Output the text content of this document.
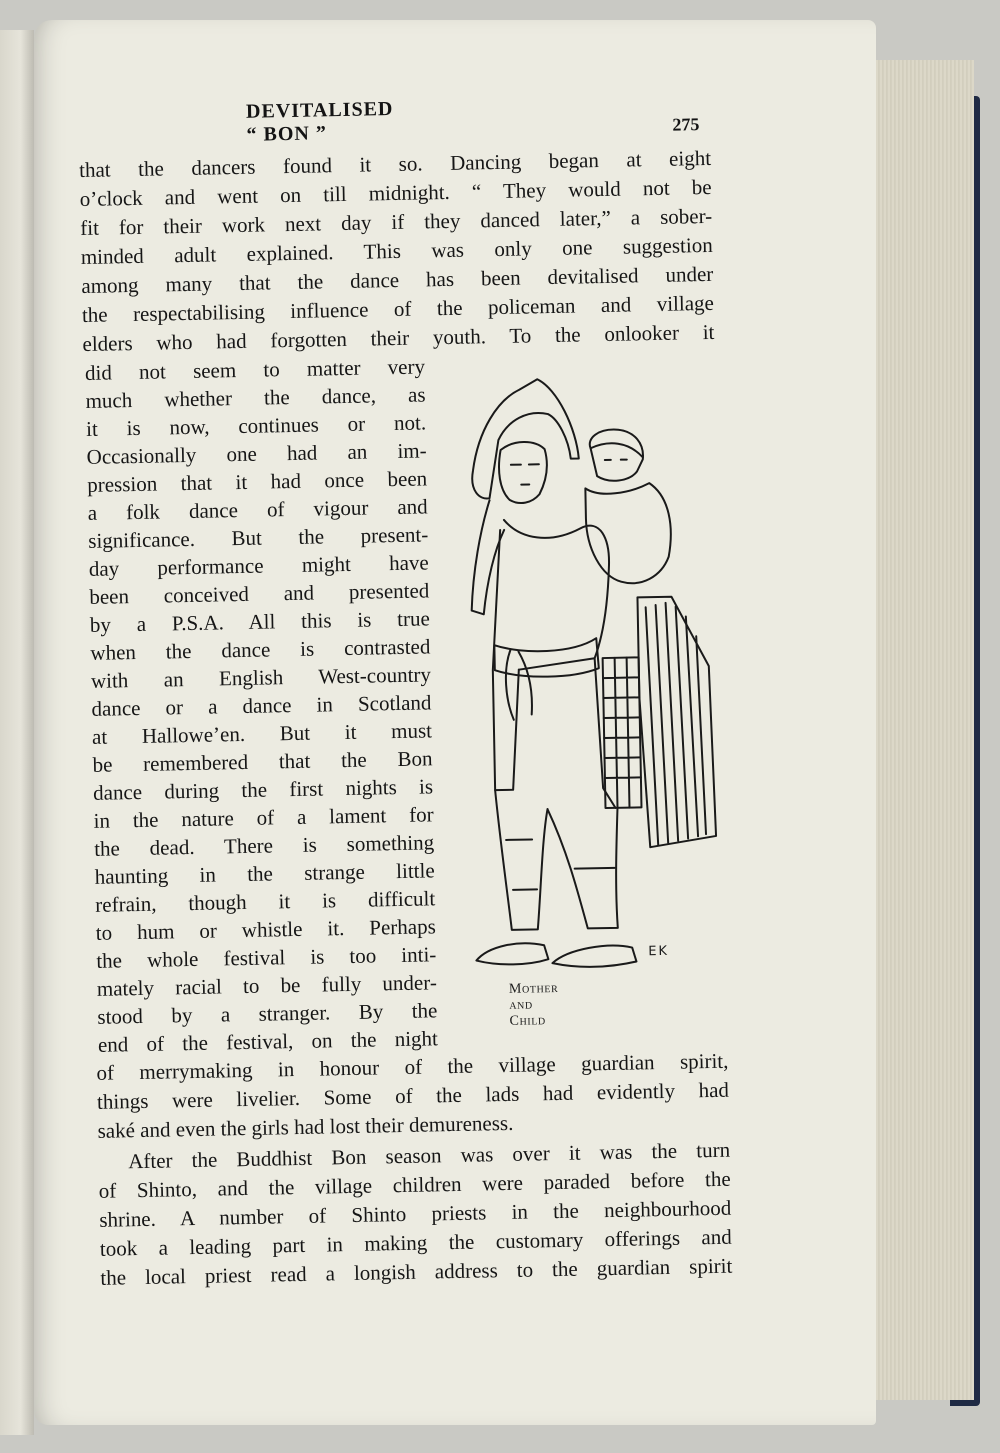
DEVITALISED “ BON ”	275
that the dancers found it so. Dancing began at eight
o’clock and went on till midnight. “ They would not be
fit for their work next day if they danced later,” a sober-
minded adult explained. This was only one suggestion
among many that the dance has been devitalised under
the respectabilising influence of the policeman and village
elders who had forgotten their youth. To the onlooker it
did not seem to matter very
much whether the dance, as
it is now, continues or not.
Occasionally one had an im-
pression that it had once been
a folk dance of vigour and
significance. But the present-
day performance might have
been conceived and presented
by a P.S.A. All this is true
when the dance is contrasted
with an English West-country
dance or a dance in Scotland
at Hallowe’en. But it must
be remembered that the Bon
dance during the first nights is
in the nature of a lament for
the dead. There is something
haunting in the strange little
refrain, though it is difficult
to hum or whistle it. Perhaps
the whole festival is too inti-
mately racial to be fully under-
stood by a stranger. By the
end of the festival, on the night
of merrymaking in honour of the village guardian spirit,
things were livelier. Some of the lads had evidently had
saké and even the girls had lost their demureness.
After the Buddhist Bon season was over it was the turn
of Shinto, and the village children were paraded before the
shrine. A number of Shinto priests in the neighbourhood
took a leading part in making the customary offerings and
the local priest read a longish address to the guardian spirit
EK
Mother and Child
